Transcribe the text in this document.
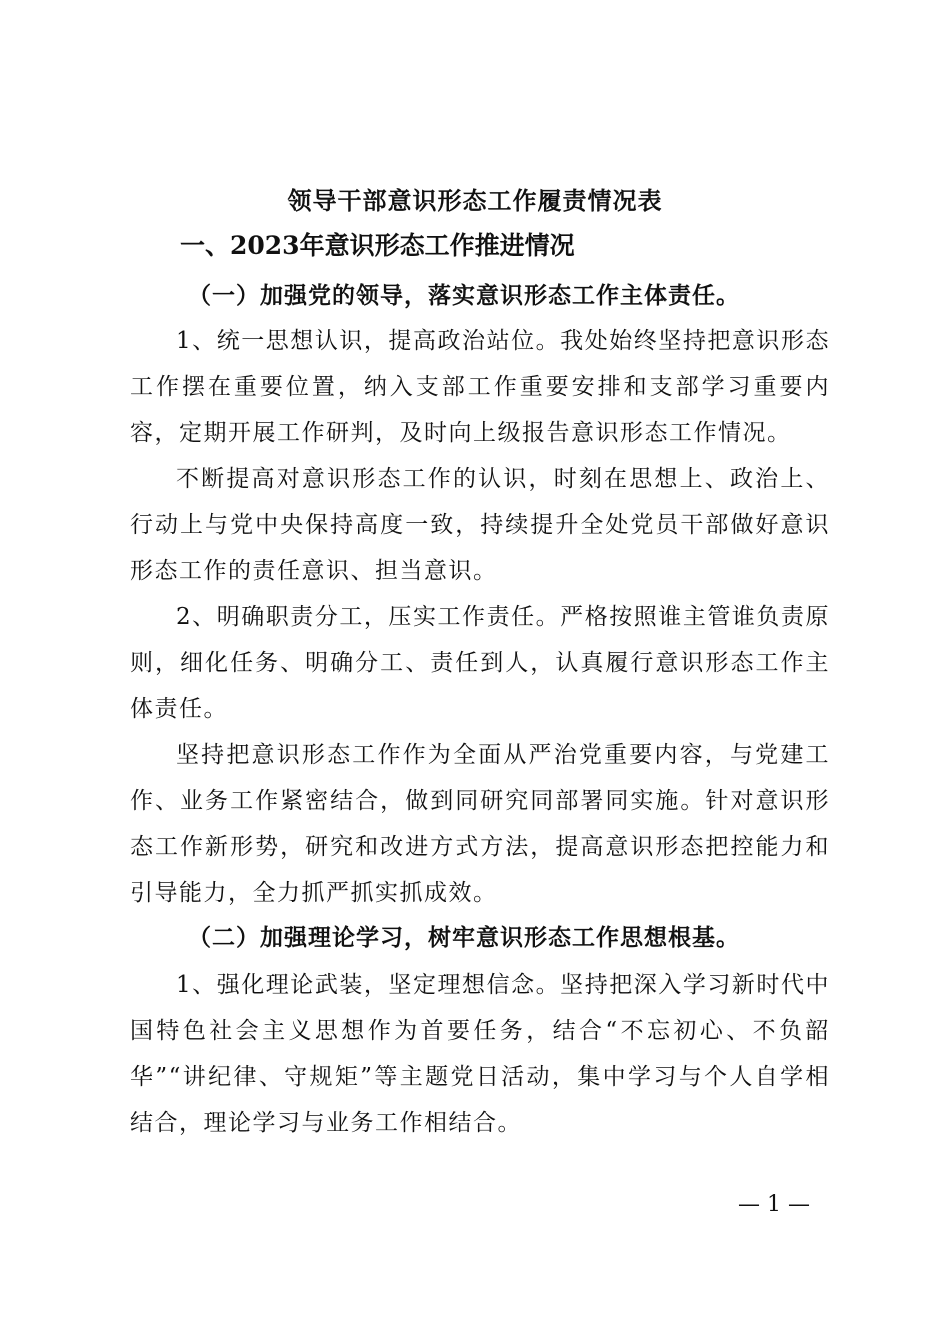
领导干部意识形态工作履责情况表
一、2023年意识形态工作推进情况
（一）加强党的领导，落实意识形态工作主体责任。

1、统一思想认识，提高政治站位。我处始终坚持把意识形态工作摆在重要位置，纳入支部工作重要安排和支部学习重要内容，定期开展工作研判，及时向上级报告意识形态工作情况。

不断提高对意识形态工作的认识，时刻在思想上、政治上、行动上与党中央保持高度一致，持续提升全处党员干部做好意识形态工作的责任意识、担当意识。

2、明确职责分工，压实工作责任。严格按照谁主管谁负责原则，细化任务、明确分工、责任到人，认真履行意识形态工作主体责任。

坚持把意识形态工作作为全面从严治党重要内容，与党建工作、业务工作紧密结合，做到同研究同部署同实施。针对意识形态工作新形势，研究和改进方式方法，提高意识形态把控能力和引导能力，全力抓严抓实抓成效。

（二）加强理论学习，树牢意识形态工作思想根基。

1、强化理论武装，坚定理想信念。坚持把深入学习新时代中国特色社会主义思想作为首要任务，结合“不忘初心、不负韶华”“讲纪律、守规矩”等主题党日活动，集中学习与个人自学相结合，理论学习与业务工作相结合。

— 1 —
